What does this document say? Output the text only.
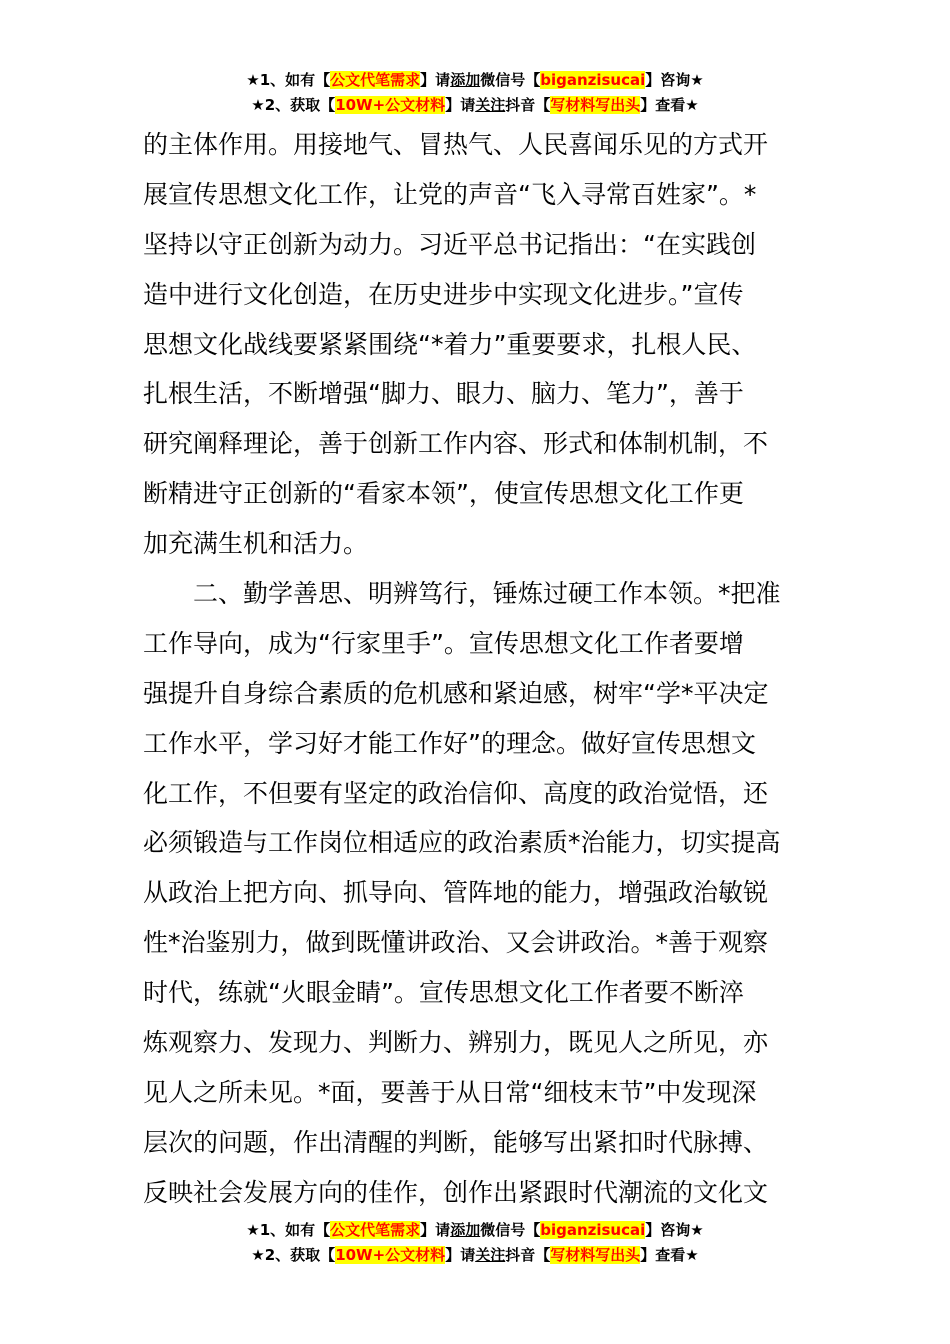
★1、如有【公文代笔需求】请添加微信号【biganzisucai】咨询★
★2、获取【10W+公文材料】请关注抖音【写材料写出头】查看★
的主体作用。用接地气、冒热气、人民喜闻乐见的方式开
展宣传思想文化工作，让党的声音“飞入寻常百姓家”。*
坚持以守正创新为动力。习近平总书记指出：“在实践创
造中进行文化创造，在历史进步中实现文化进步。”宣传
思想文化战线要紧紧围绕“*着力”重要要求，扎根人民、
扎根生活，不断增强“脚力、眼力、脑力、笔力”，善于
研究阐释理论，善于创新工作内容、形式和体制机制，不
断精进守正创新的“看家本领”，使宣传思想文化工作更
加充满生机和活力。
二、勤学善思、明辨笃行，锤炼过硬工作本领。*把准
工作导向，成为“行家里手”。宣传思想文化工作者要增
强提升自身综合素质的危机感和紧迫感，树牢“学*平决定
工作水平，学习好才能工作好”的理念。做好宣传思想文
化工作，不但要有坚定的政治信仰、高度的政治觉悟，还
必须锻造与工作岗位相适应的政治素质*治能力，切实提高
从政治上把方向、抓导向、管阵地的能力，增强政治敏锐
性*治鉴别力，做到既懂讲政治、又会讲政治。*善于观察
时代，练就“火眼金睛”。宣传思想文化工作者要不断淬
炼观察力、发现力、判断力、辨别力，既见人之所见，亦
见人之所未见。*面，要善于从日常“细枝末节”中发现深
层次的问题，作出清醒的判断，能够写出紧扣时代脉搏、
反映社会发展方向的佳作，创作出紧跟时代潮流的文化文
★1、如有【公文代笔需求】请添加微信号【biganzisucai】咨询★
★2、获取【10W+公文材料】请关注抖音【写材料写出头】查看★
